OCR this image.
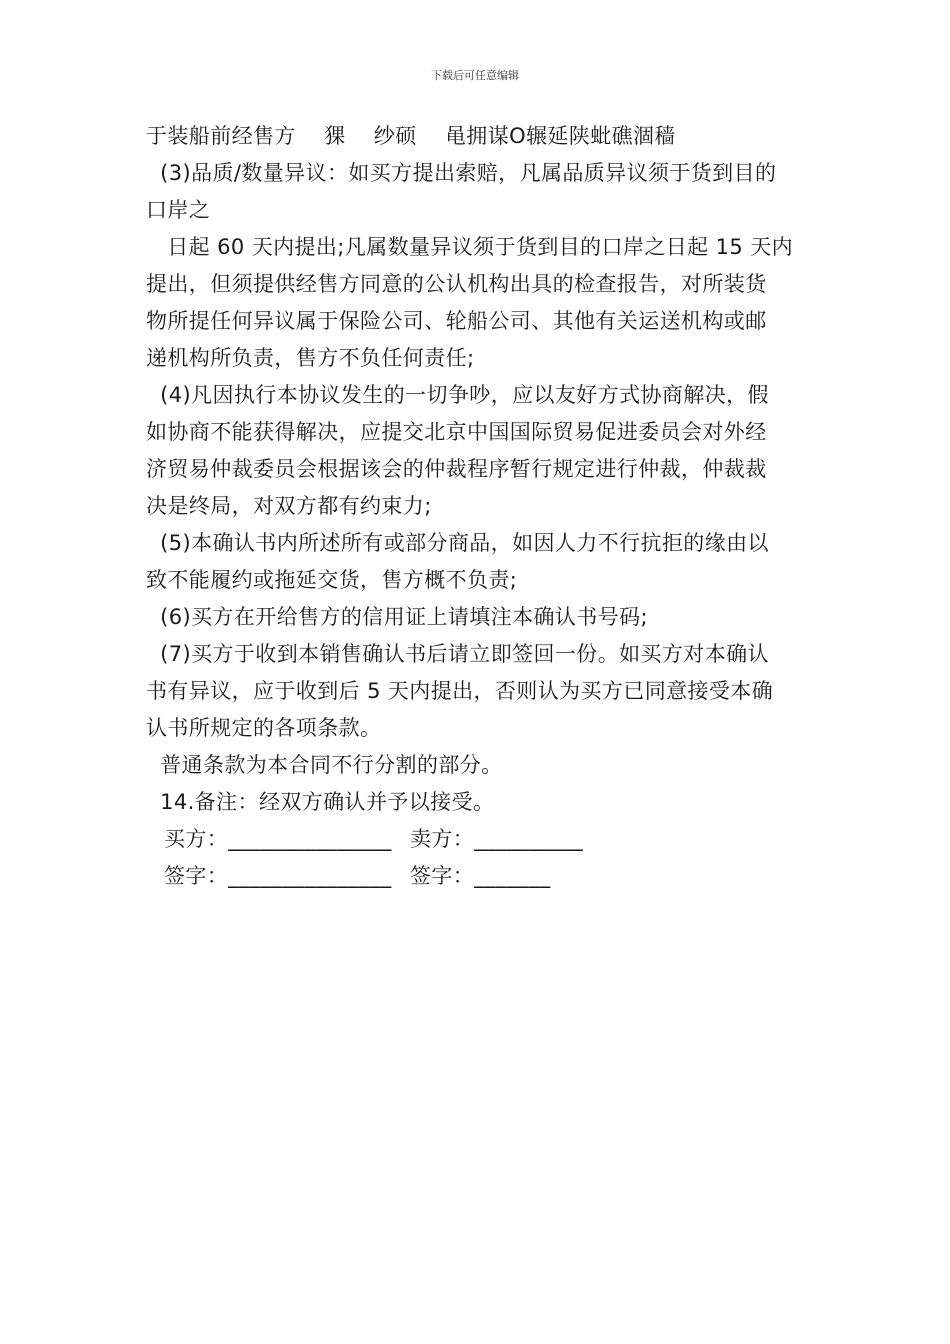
下载后可任意编辑
于装船前经售方    猓    纱硕    黾拥谋O辗延陕蚍礁涸穑
(3)品质/数量异议：如买方提出索赔，凡属品质异议须于货到目的
口岸之
日起 60 天内提出;凡属数量异议须于货到目的口岸之日起 15 天内
提出，但须提供经售方同意的公认机构出具的检查报告，对所装货
物所提任何异议属于保险公司、轮船公司、其他有关运送机构或邮
递机构所负责，售方不负任何责任;
(4)凡因执行本协议发生的一切争吵，应以友好方式协商解决，假
如协商不能获得解决，应提交北京中国国际贸易促进委员会对外经
济贸易仲裁委员会根据该会的仲裁程序暂行规定进行仲裁，仲裁裁
决是终局，对双方都有约束力;
(5)本确认书内所述所有或部分商品，如因人力不行抗拒的缘由以
致不能履约或拖延交货，售方概不负责;
(6)买方在开给售方的信用证上请填注本确认书号码;
(7)买方于收到本销售确认书后请立即签回一份。如买方对本确认
书有异议，应于收到后 5 天内提出，否则认为买方已同意接受本确
认书所规定的各项条款。
普通条款为本合同不行分割的部分。
14.备注：经双方确认并予以接受。

买方：_______________

卖方：__________

签字：_______________

签字：_______
